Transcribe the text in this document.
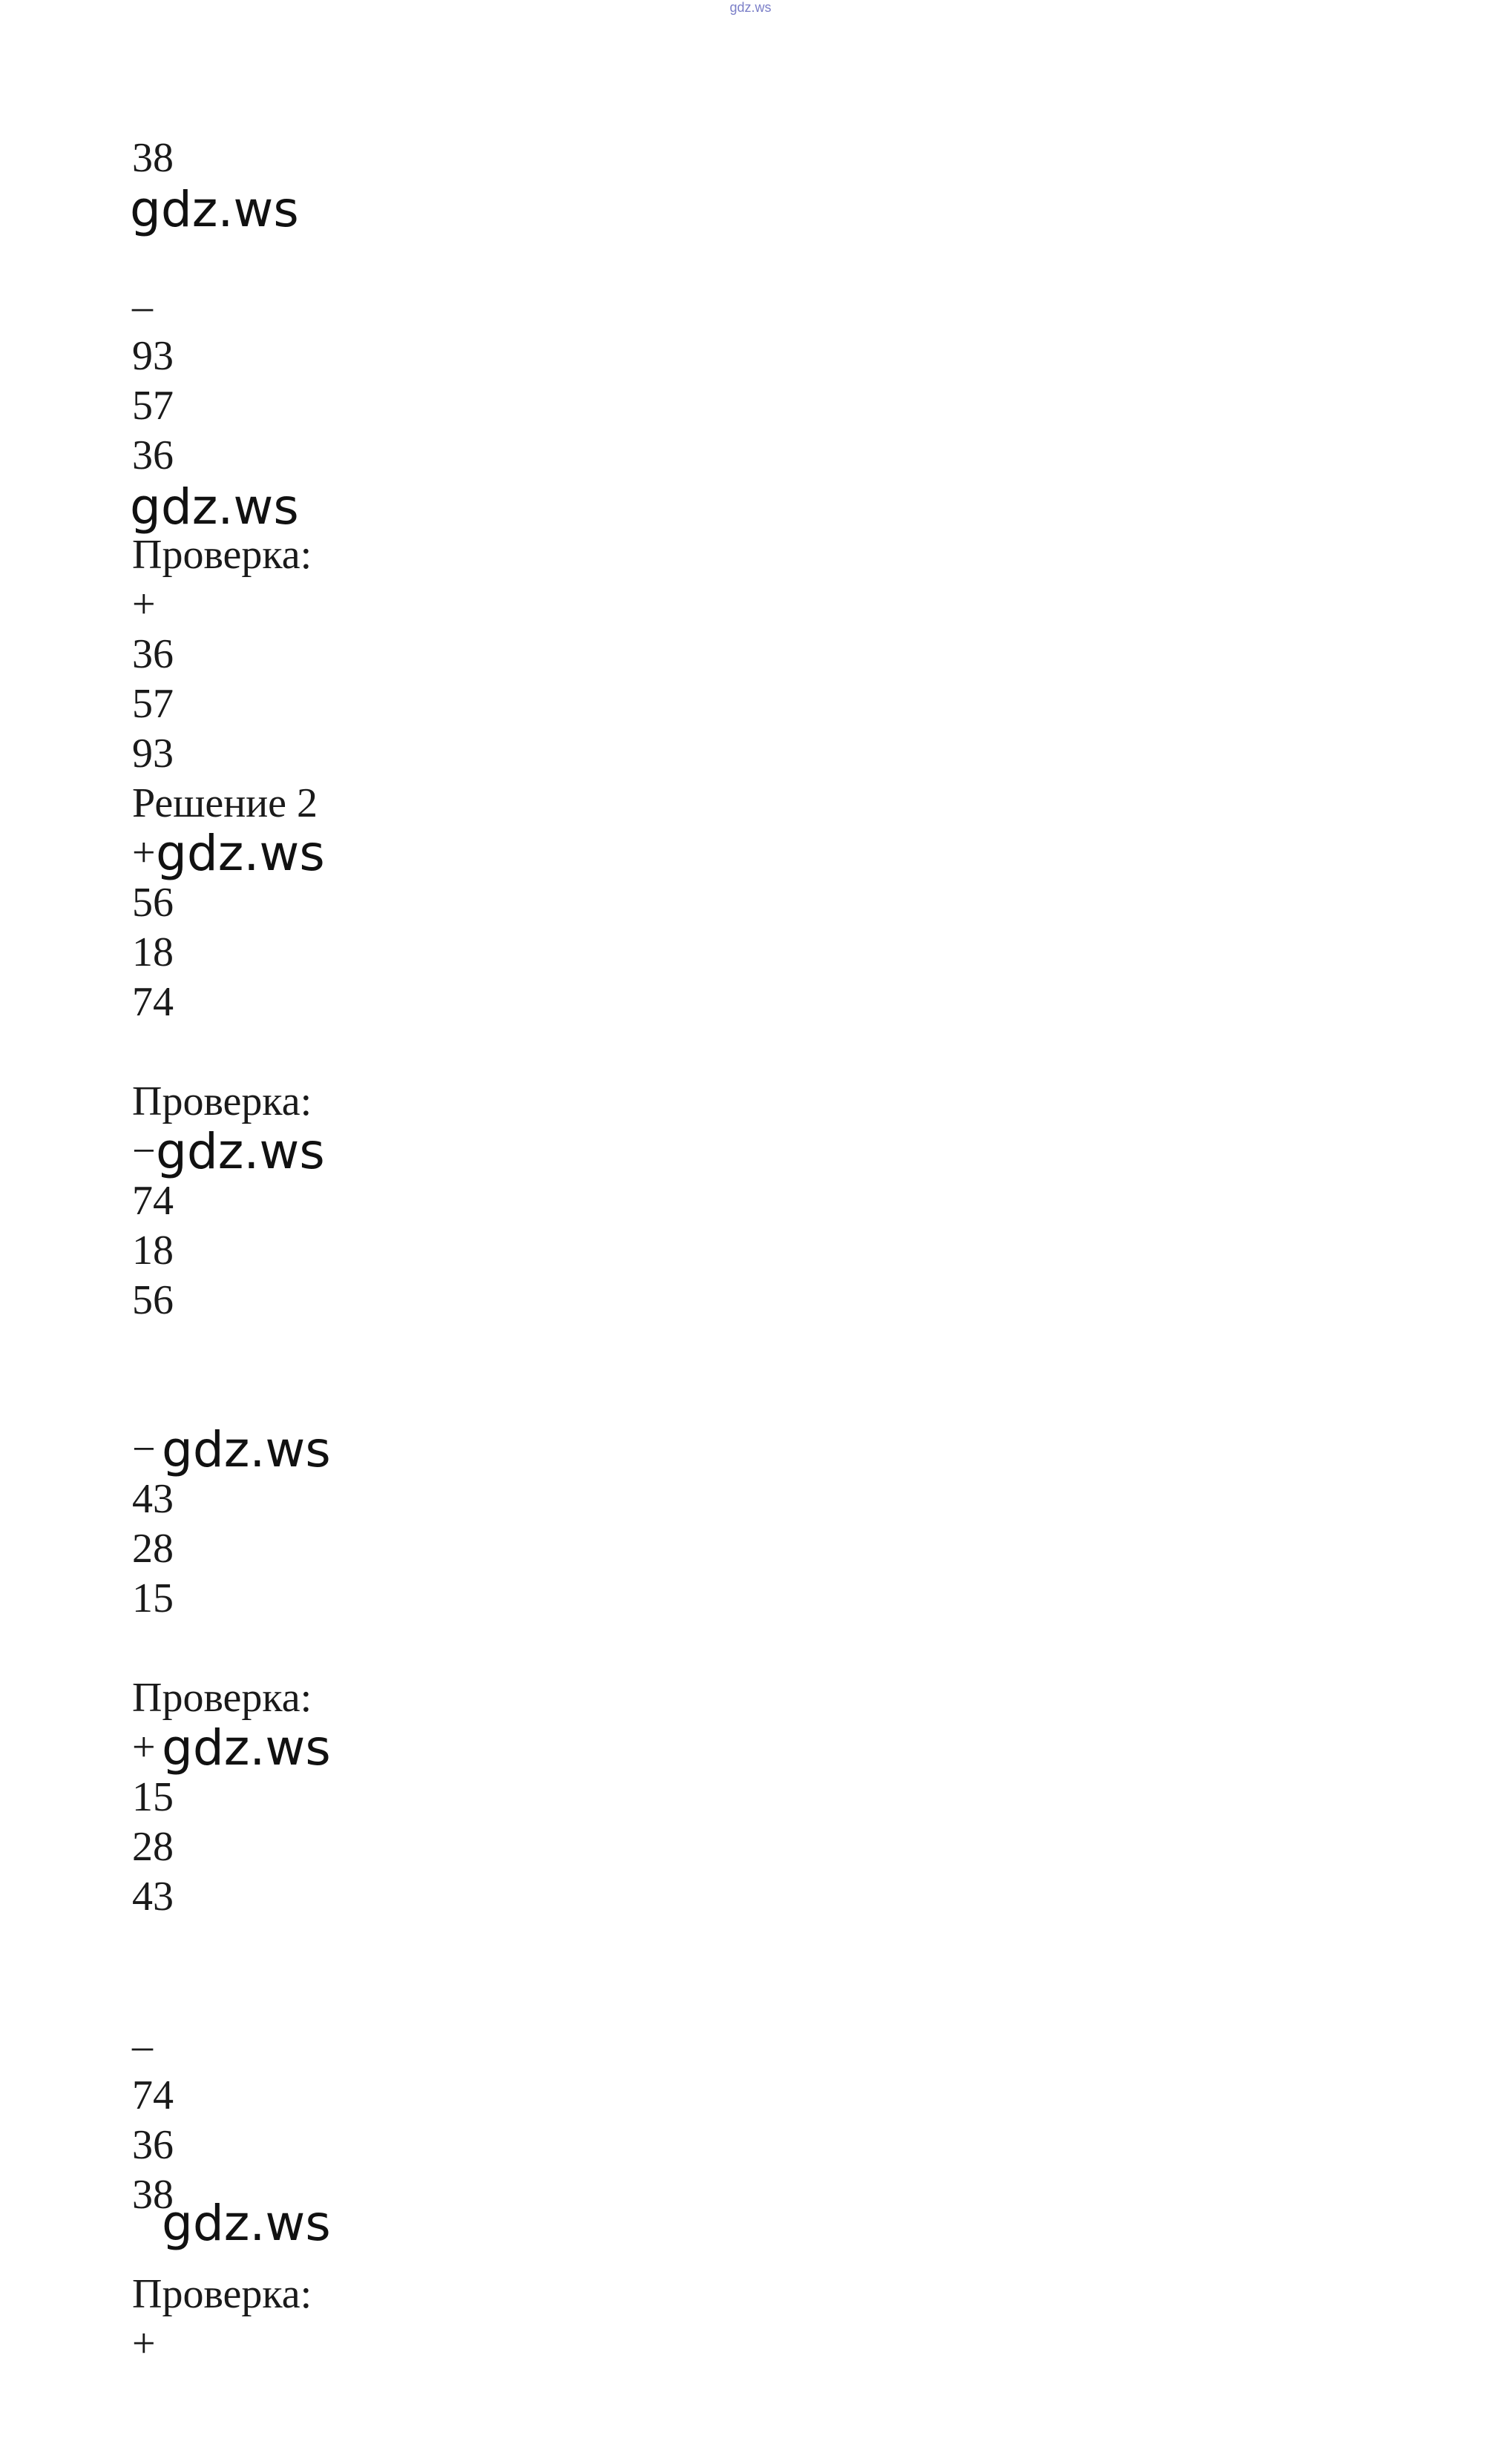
gdz.ws
38
gdz.ws
–
93
57
36
gdz.ws
Проверка:
+
36
57
93
Решение 2
+ gdz.ws
56
18
74
Проверка:
− gdz.ws
74
18
56
− gdz.ws
43
28
15
Проверка:
+ gdz.ws
15
28
43
–
74
36
38
gdz.ws
Проверка:
+
